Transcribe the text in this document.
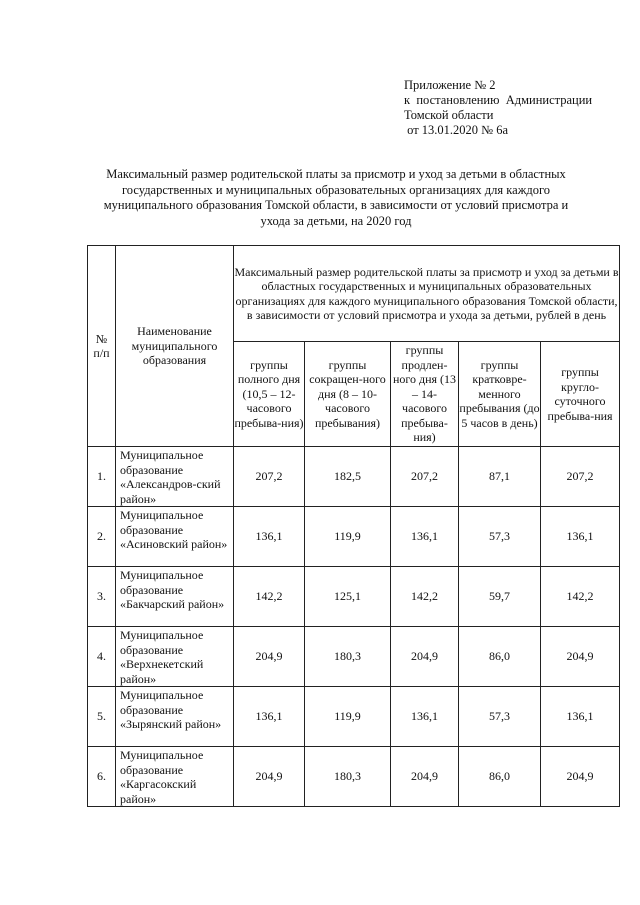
Приложение № 2
к  постановлению  Администрации
Томской области
от 13.01.2020 № 6а
Максимальный размер родительской платы за присмотр и уход за детьми в областных государственных и муниципальных образовательных организациях для каждого муниципального образования Томской области, в зависимости от условий присмотра и ухода за детьми, на 2020 год
№ п/п	Наименование муниципального образования	Максимальный размер родительской платы за присмотр и уход за детьми в областных государственных и муниципальных образовательных организациях для каждого муниципального образования Томской области, в зависимости от условий присмотра и ухода за детьми, рублей в день				
		группы полного дня (10,5 – 12-часового пребыва-ния)	группы сокращен-ного дня (8 – 10-часового пребывания)	группы продлен-ного дня (13 – 14-часового пребыва-ния)	группы кратковре-менного пребывания (до 5 часов в день)	группы кругло-суточного пребыва-ния
1.	Муниципальное образование «Александров-ский район»	207,2	182,5	207,2	87,1	207,2
2.	Муниципальное образование «Асиновский район»	136,1	119,9	136,1	57,3	136,1
3.	Муниципальное образование «Бакчарский район»	142,2	125,1	142,2	59,7	142,2
4.	Муниципальное образование «Верхнекетский район»	204,9	180,3	204,9	86,0	204,9
5.	Муниципальное образование «Зырянский район»	136,1	119,9	136,1	57,3	136,1
6.	Муниципальное образование «Каргасокский район»	204,9	180,3	204,9	86,0	204,9
